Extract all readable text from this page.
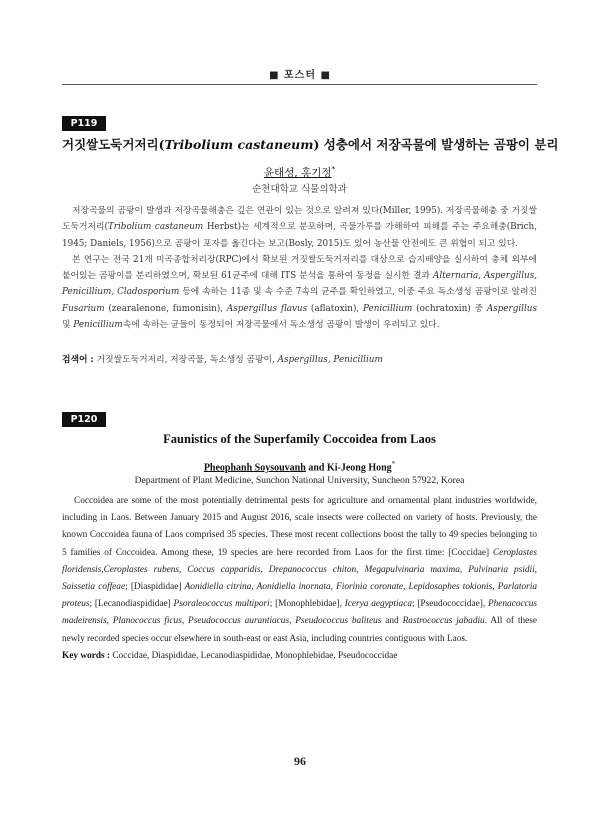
■ 포스터 ■
P119
거짓쌀도둑거저리(Tribolium castaneum) 성충에서 저장곡물에 발생하는 곰팡이 분리
윤태성, 홍기정*
순천대학교 식물의학과

저장곡물의 곰팡이 발생과 저장곡물해충은 깊은 연관이 있는 것으로 알려져 있다(Miller, 1995). 저장곡물해충 중 거짓쌀도둑거저리(Tribolium castaneum Herbst)는 세계적으로 분포하며, 곡물가루를 가해하여 피해를 주는 주요해충(Brich, 1945; Daniels, 1956)으로 곰팡이 포자를 옮긴다는 보고(Bosly, 2015)도 있어 농산물 안전에도 큰 위협이 되고 있다.

본 연구는 전국 21개 미곡종합처리장(RPC)에서 확보된 거짓쌀도둑거저리를 대상으로 습지배양을 실시하여 충체 외부에 붙어있는 곰팡이를 분리하였으며, 확보된 61균주에 대해 ITS 분석을 통하여 동정을 실시한 결과 Alternaria, Aspergillus, Penicillium, Cladosporium 등에 속하는 11종 및 속 수준 7속의 균주를 확인하였고, 이중 주요 독소생성 곰팡이로 알려진 Fusarium (zearalenone, fumonisin), Aspergillus flavus (aflatoxin), Penicillium (ochratoxin) 중 Aspergillus 및 Penicillium속에 속하는 균들이 동정되어 저장곡물에서 독소생성 곰팡이 발생이 우려되고 있다.

검색어 : 거짓쌀도둑거저리, 저장곡물, 독소생성 곰팡이, Aspergillus, Penicillium
P120
Faunistics of the Superfamily Coccoidea from Laos
Pheophanh Soysouvanh and Ki-Jeong Hong*
Department of Plant Medicine, Sunchon National University, Suncheon 57922, Korea

Coccoidea are some of the most potentially detrimental pests for agriculture and ornamental plant industries worldwide, including in Laos. Between January 2015 and August 2016, scale insects were collected on variety of hosts. Previously, the known Coccoidea fauna of Laos comprised 35 species. These most recent collections boost the tally to 49 species belonging to 5 families of Coccoidea. Among these, 19 species are here recorded from Laos for the first time: [Coccidae] Ceroplastes floridensis,Ceroplastes rubens, Coccus capparidis, Drepanococcus chiton, Megapulvinaria maxima, Pulvinaria psidii, Saissetia coffeae; [Diaspididae] Aonidiella citrina, Aonidiella inornata, Fiorinia coronate, Lepidosaphes tokionis, Parlatoria proteus; [Lecanodiaspididae] Psoraleococcus multipori; [Monophlebidae], Icerya aegyptiaca; [Pseudococcidae], Phenacoccus madeirensis, Planococcus ficus, Pseudococcus aurantiacus, Pseudococcus baliteus and Rastrococcus jabadiu. All of these newly recorded species occur elsewhere in south-east or east Asia, including countries contiguous with Laos.

Key words : Coccidae, Diaspididae, Lecanodiaspididae, Monophlebidae, Pseudococcidae
96
